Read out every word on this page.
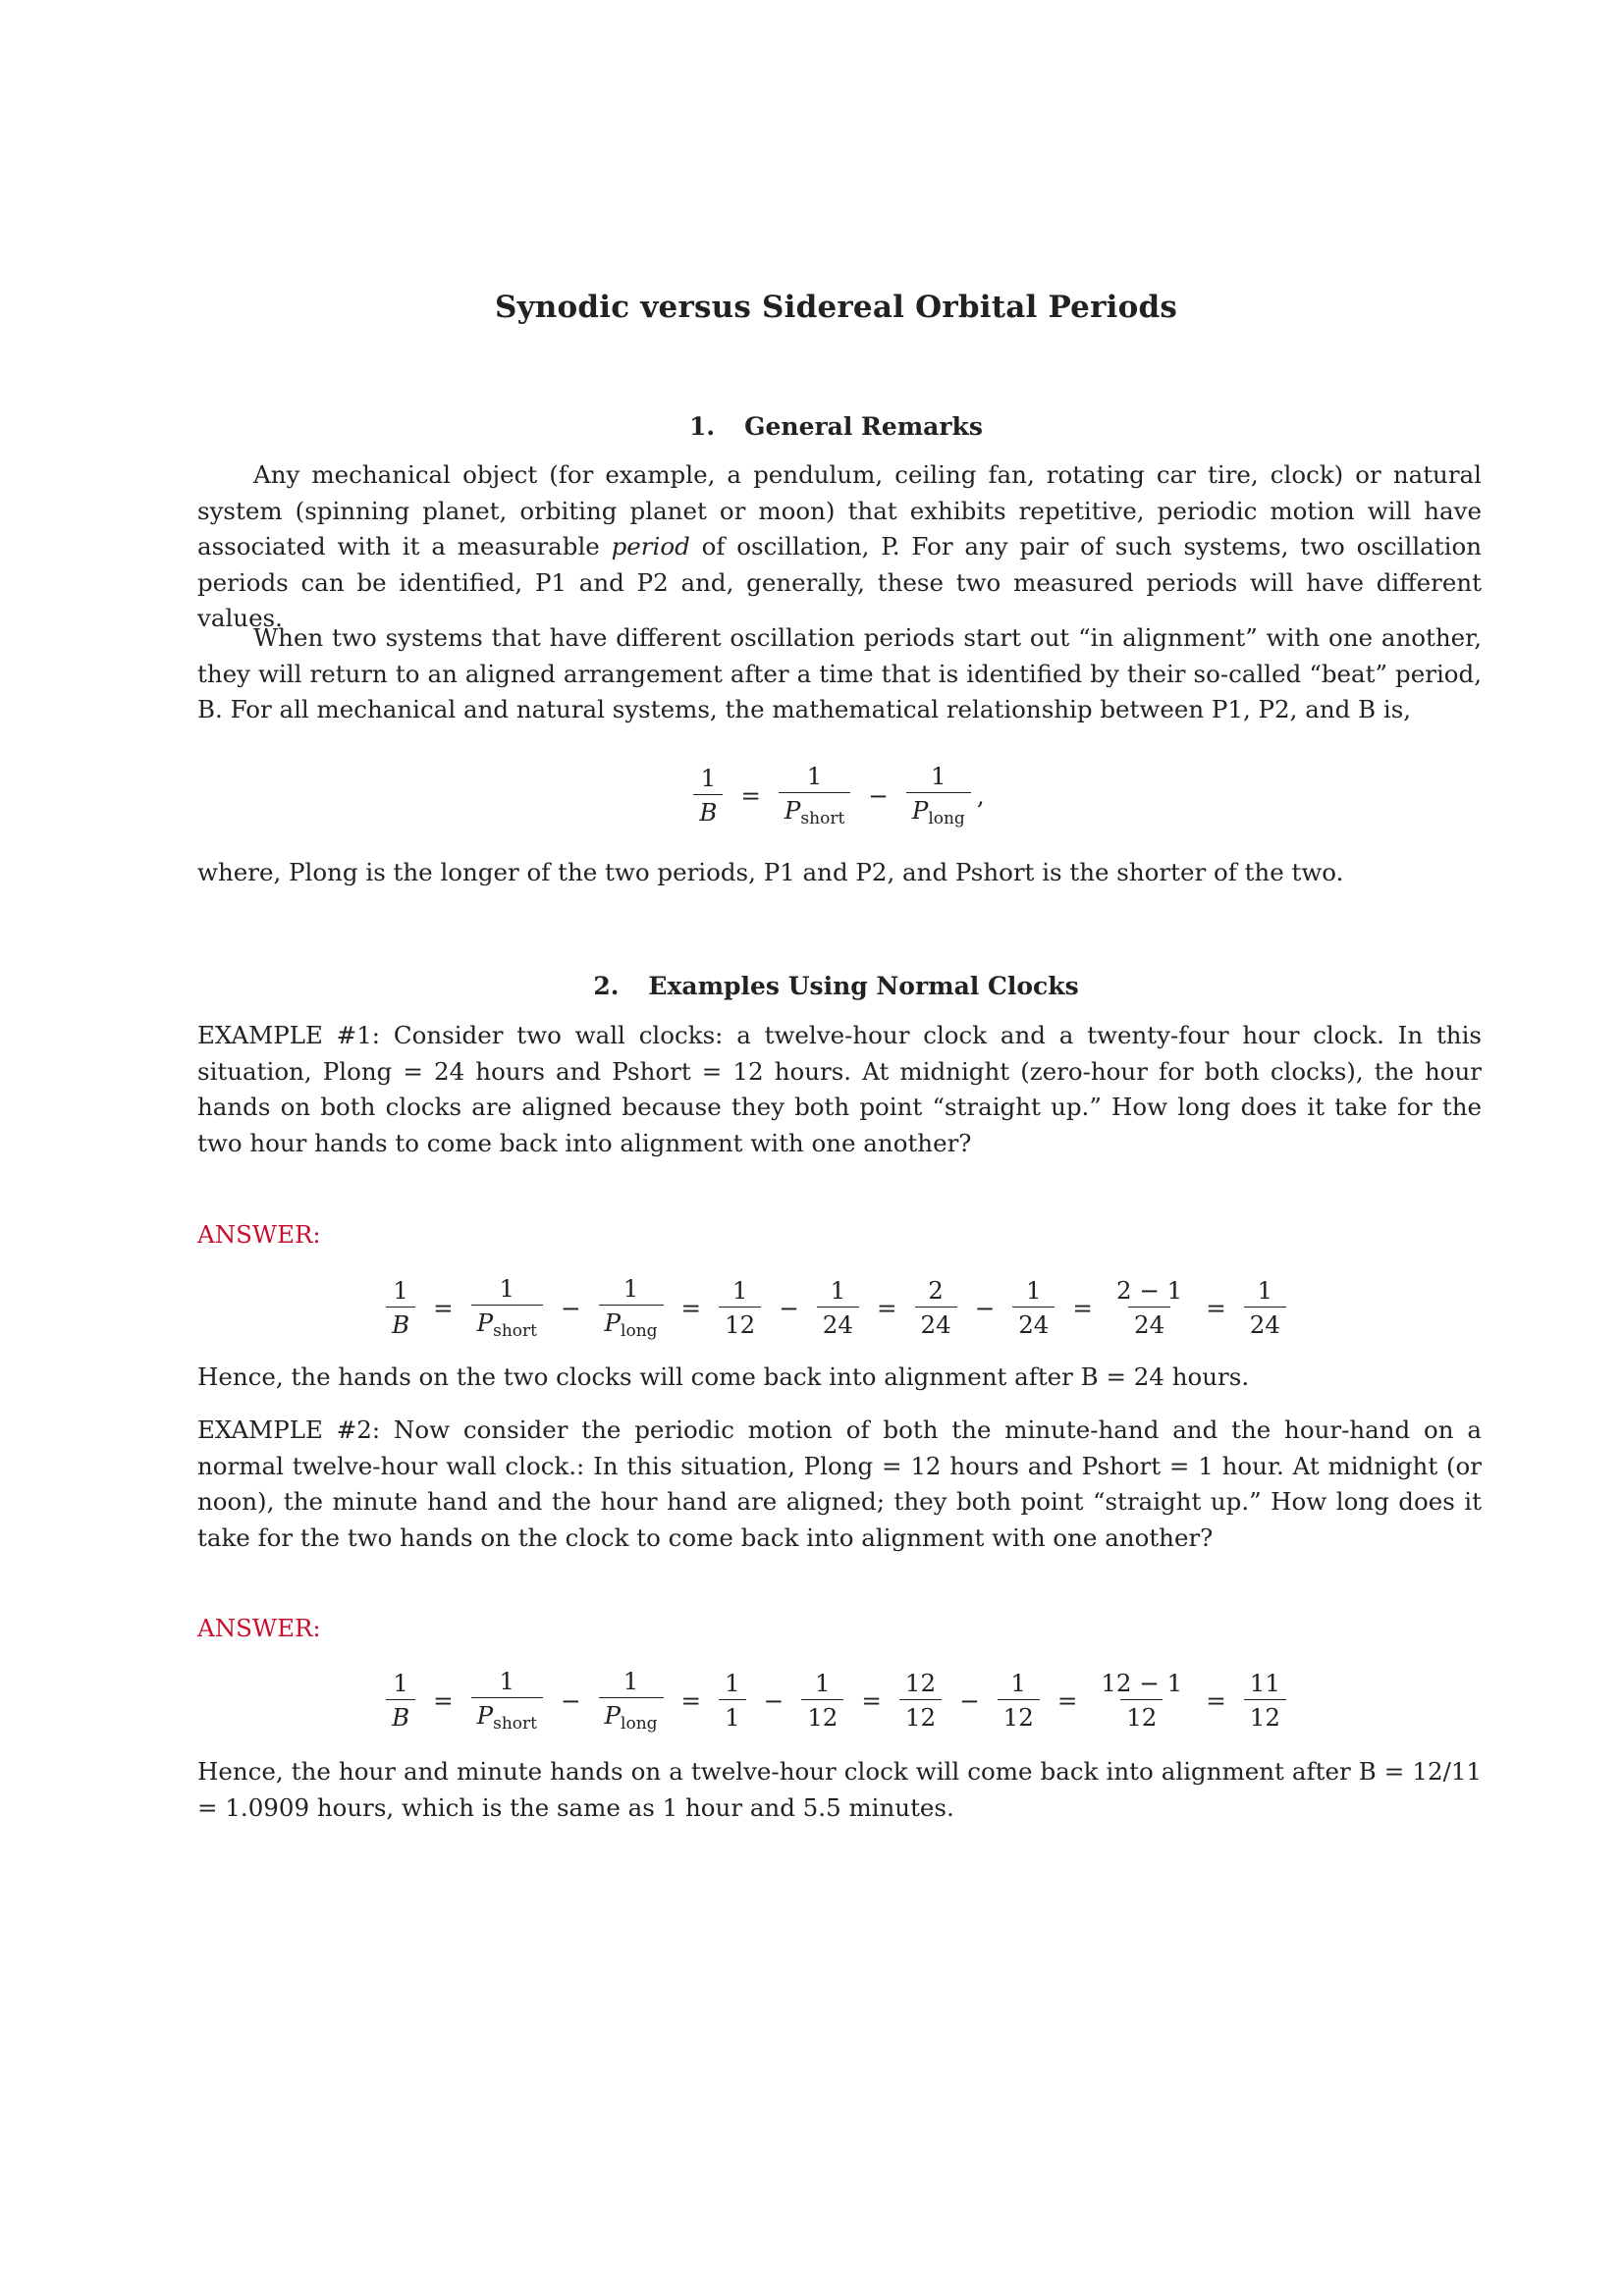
Synodic versus Sidereal Orbital Periods
1. General Remarks

Any mechanical object (for example, a pendulum, ceiling fan, rotating car tire, clock) or natural system (spinning planet, orbiting planet or moon) that exhibits repetitive, periodic motion will have associated with it a measurable period of oscillation, P. For any pair of such systems, two oscillation periods can be identified, P1 and P2 and, generally, these two measured periods will have different values.

When two systems that have different oscillation periods start out “in alignment” with one another, they will return to an aligned arrangement after a time that is identified by their so-called “beat” period, B. For all mechanical and natural systems, the mathematical relationship between P1, P2, and B is,

$\frac{1}{B} = \frac{1}{P_{short}} - \frac{1}{P_{long}}$ ,

where, Plong is the longer of the two periods, P1 and P2, and Pshort is the shorter of the two.

2. Examples Using Normal Clocks

EXAMPLE #1: Consider two wall clocks: a twelve-hour clock and a twenty-four hour clock. In this situation, Plong = 24 hours and Pshort = 12 hours. At midnight (zero-hour for both clocks), the hour hands on both clocks are aligned because they both point “straight up.” How long does it take for the two hour hands to come back into alignment with one another?

ANSWER:
$\frac{1}{B} = \frac{1}{P_{short}} - \frac{1}{P_{long}} = \frac{1}{12} - \frac{1}{24} = \frac{2}{24} - \frac{1}{24} = \frac{2 - 1}{24} = \frac{1}{24}$

Hence, the hands on the two clocks will come back into alignment after B = 24 hours.

EXAMPLE #2: Now consider the periodic motion of both the minute-hand and the hour-hand on a normal twelve-hour wall clock.: In this situation, Plong = 12 hours and Pshort = 1 hour. At midnight (or noon), the minute hand and the hour hand are aligned; they both point “straight up.” How long does it take for the two hands on the clock to come back into alignment with one another?

ANSWER:
$\frac{1}{B} = \frac{1}{P_{short}} - \frac{1}{P_{long}} = \frac{1}{1} - \frac{1}{12} = \frac{12}{12} - \frac{1}{12} = \frac{12 - 1}{12} = \frac{11}{12}$

Hence, the hour and minute hands on a twelve-hour clock will come back into alignment after B = 12/11 = 1.0909 hours, which is the same as 1 hour and 5.5 minutes.
